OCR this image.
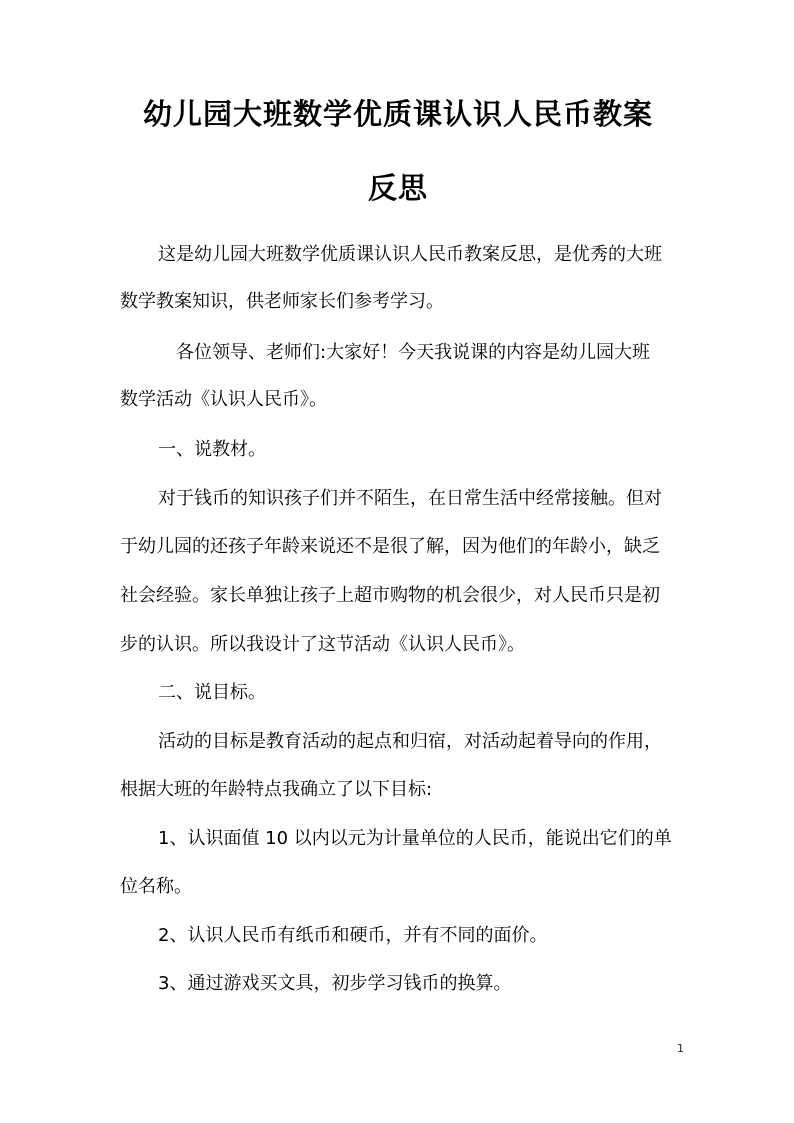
幼儿园大班数学优质课认识人民币教案
反思
这是幼儿园大班数学优质课认识人民币教案反思，是优秀的大班
数学教案知识，供老师家长们参考学习。
各位领导、老师们:大家好！今天我说课的内容是幼儿园大班
数学活动《认识人民币》。
一、说教材。
对于钱币的知识孩子们并不陌生，在日常生活中经常接触。但对
于幼儿园的还孩子年龄来说还不是很了解，因为他们的年龄小，缺乏
社会经验。家长单独让孩子上超市购物的机会很少，对人民币只是初
步的认识。所以我设计了这节活动《认识人民币》。
二、说目标。
活动的目标是教育活动的起点和归宿，对活动起着导向的作用，
根据大班的年龄特点我确立了以下目标:
1、认识面值 10 以内以元为计量单位的人民币，能说出它们的单
位名称。
2、认识人民币有纸币和硬币，并有不同的面价。
3、通过游戏买文具，初步学习钱币的换算。
1
